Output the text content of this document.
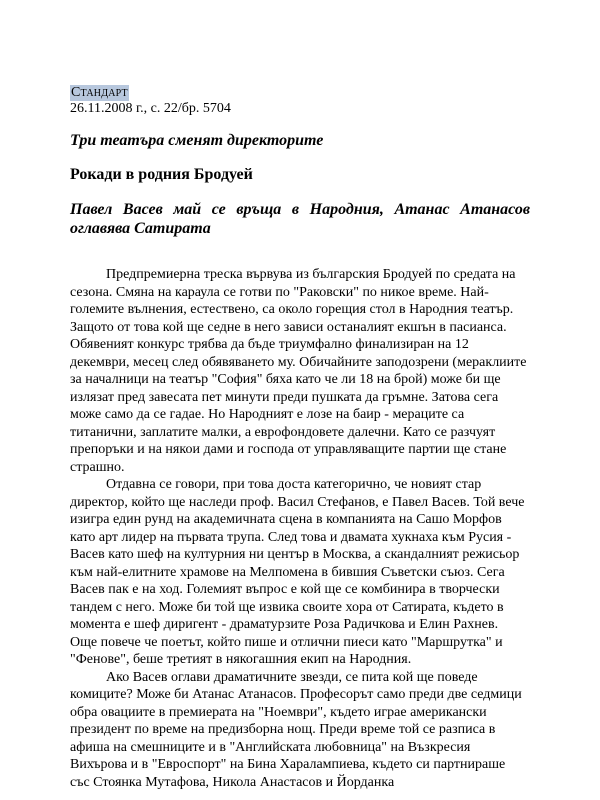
Стандарт
26.11.2008 г., с. 22/бр. 5704
Три театъра сменят директорите
Рокади в родния Бродуей
Павел Васев май се връща в Народния, Атанас Атанасов оглавява Сатирата

Предпремиерна треска вървува из българския Бродуей по средата на сезона. Смяна на караула се готви по "Раковски" по никое време. Най-големите вълнения, естествено, са около горещия стол в Народния театър. Защото от това кой ще седне в него зависи останалият екшън в пасианса. Обявеният конкурс трябва да бъде триумфално финализиран на 12 декември, месец след обявяването му. Обичайните заподозрени (мераклиите за началници на театър "София" бяха като че ли 18 на брой) може би ще излязат пред завесата пет минути преди пушката да гръмне. Затова сега може само да се гадае. Но Народният е лозе на баир - мераците са титанични, заплатите малки, а еврофондовете далечни. Като се разчуят препоръки и на някои дами и господа от управляващите партии ще стане страшно.

Отдавна се говори, при това доста категорично, че новият стар директор, който ще наследи проф. Васил Стефанов, е Павел Васев. Той вече изигра един рунд на академичната сцена в компанията на Сашо Морфов като арт лидер на първата трупа. След това и двамата хукнаха към Русия - Васев като шеф на културния ни център в Москва, а скандалният режисьор към най-елитните храмове на Мелпомена в бившия Съветски съюз. Сега Васев пак е на ход. Големият въпрос е кой ще се комбинира в творчески тандем с него. Може би той ще извика своите хора от Сатирата, където в момента е шеф диригент - драматурзите Роза Радичкова и Елин Рахнев. Още повече че поетът, който пише и отлични пиеси като "Маршрутка" и "Фенове", беше третият в някогашния екип на Народния.

Ако Васев оглави драматичните звезди, се пита кой ще поведе комиците? Може би Атанас Атанасов. Професорът само преди две седмици обра овациите в премиерата на "Ноември", където играе американски президент по време на предизборна нощ. Преди време той се разписа в афиша на смешниците и в "Английската любовница" на Възкресия Вихърова и в "Евроспорт" на Бина Харалампиева, където си партнираше със Стоянка Мутафова, Никола Анастасов и Йорданка
